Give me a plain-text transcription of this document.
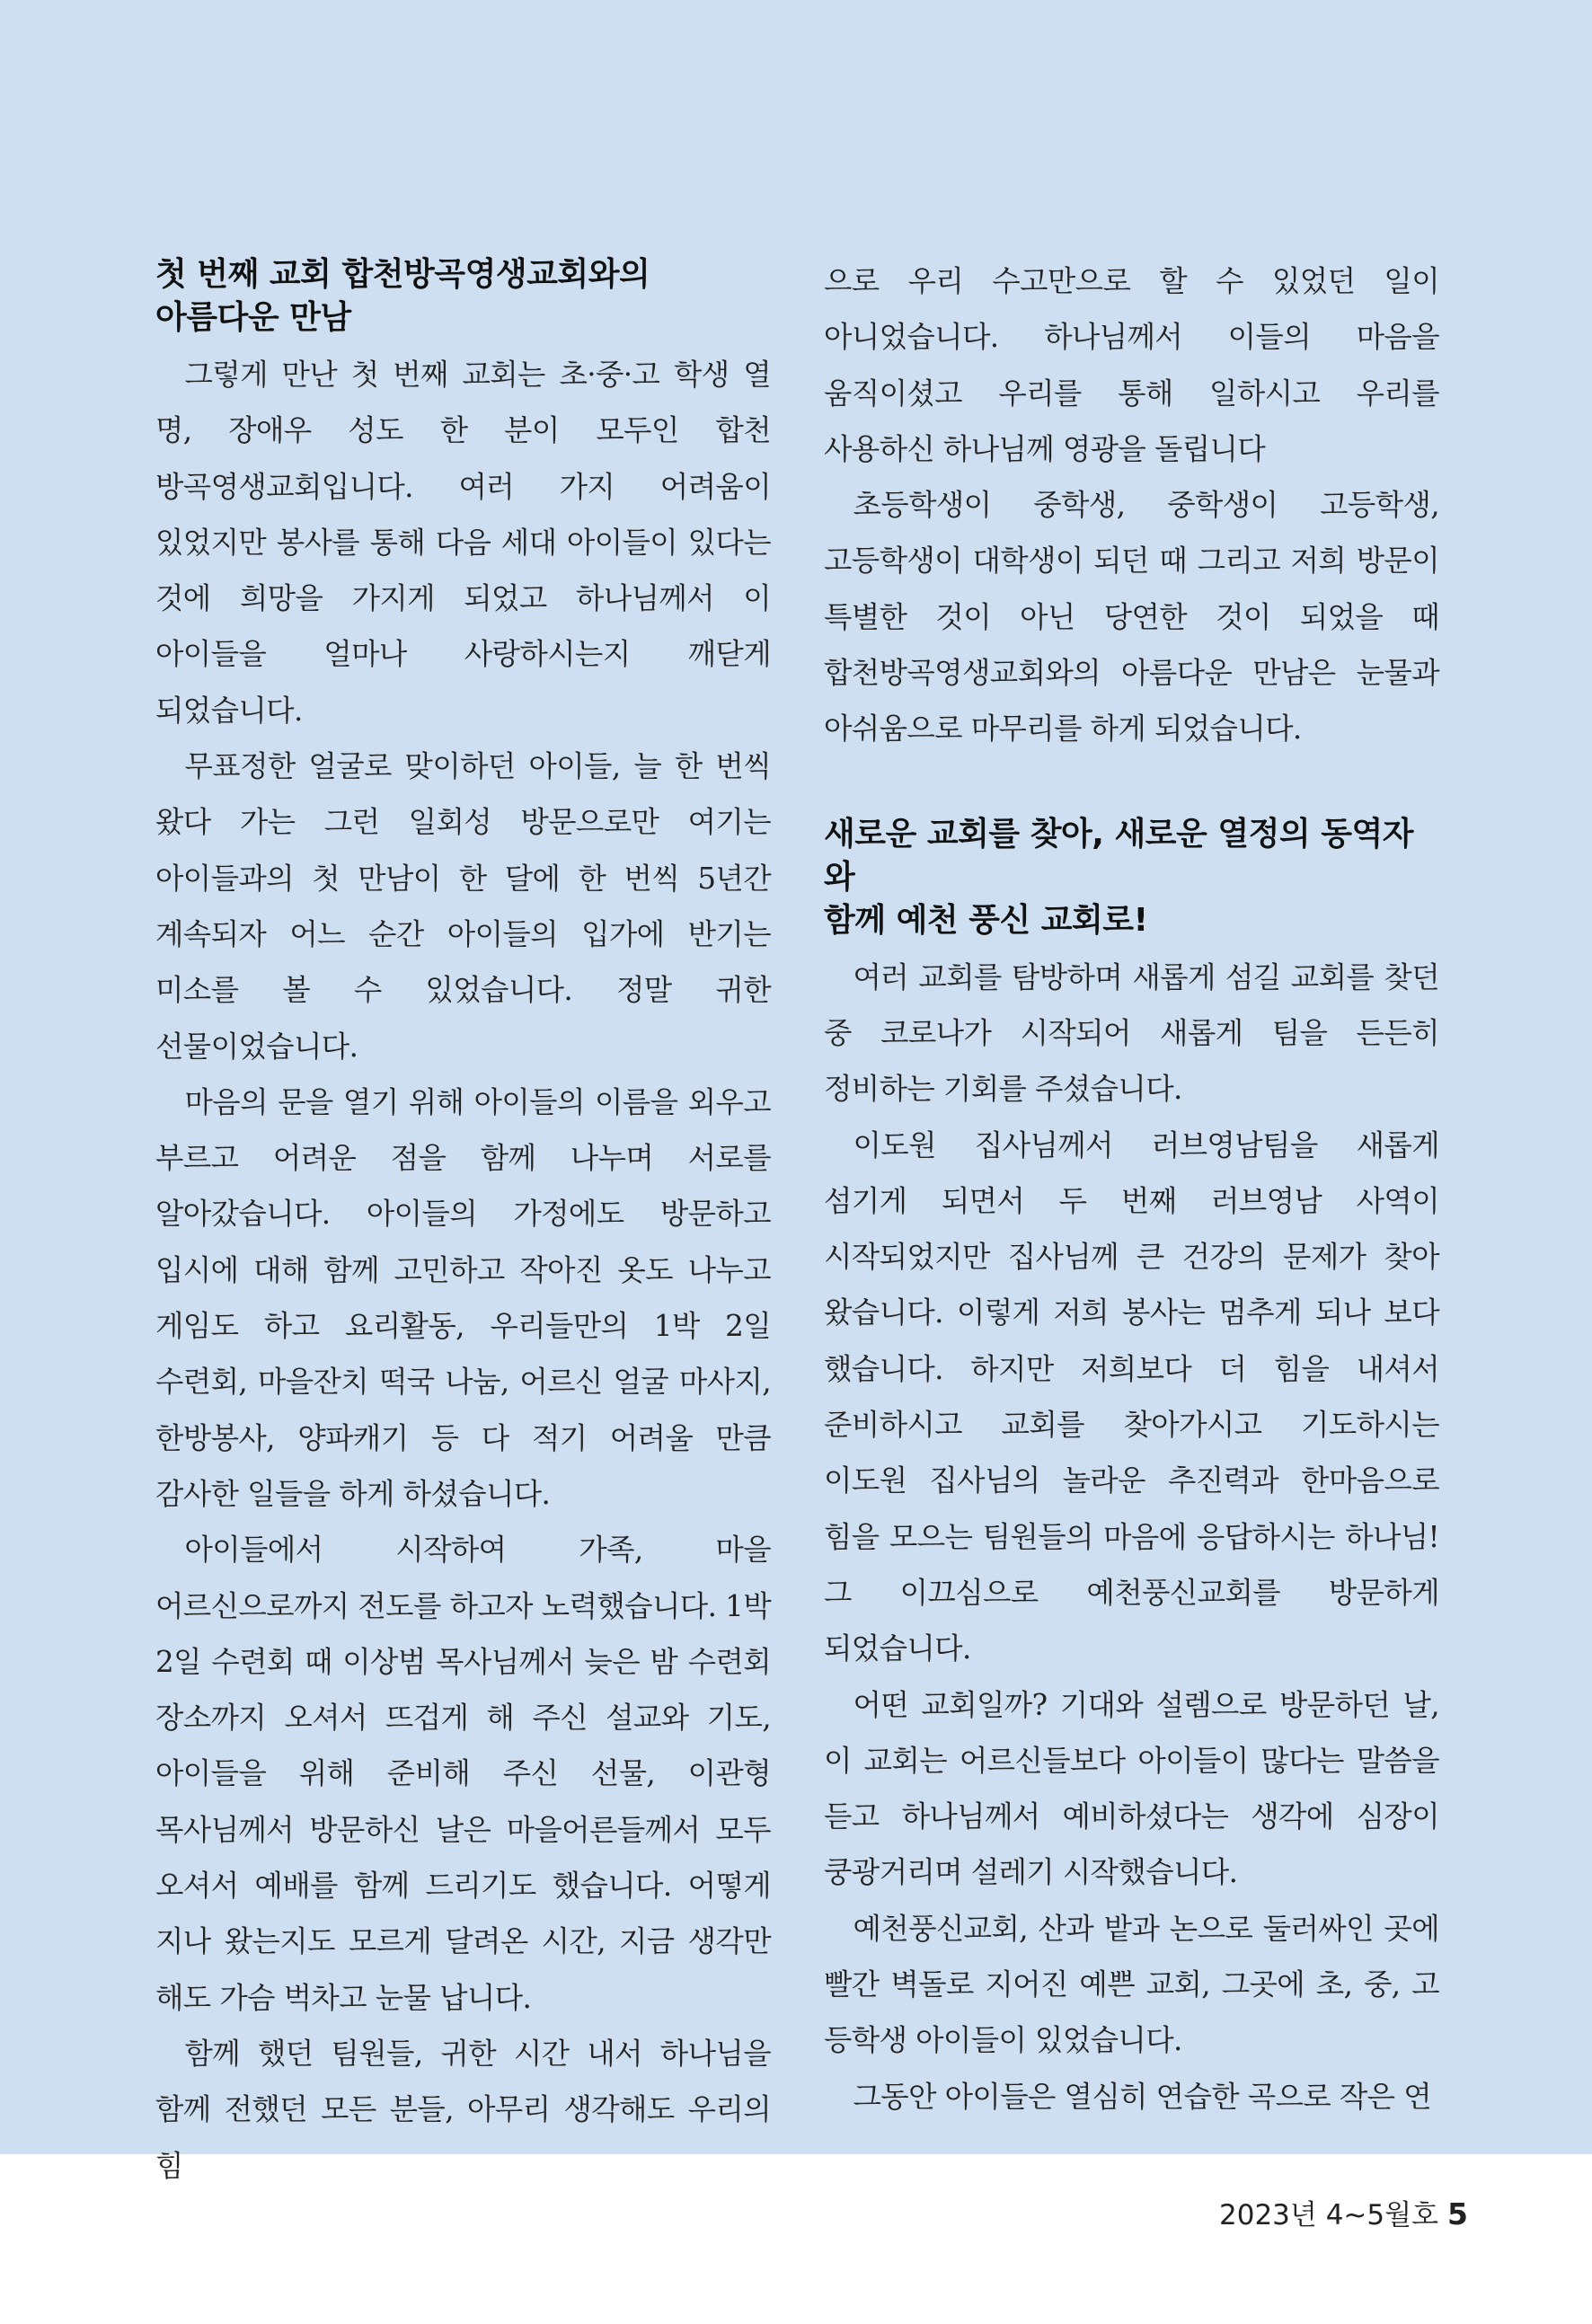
첫 번째 교회 합천방곡영생교회와의
아름다운 만남

그렇게 만난 첫 번째 교회는 초·중·고 학생 열 명, 장애우 성도 한 분이 모두인 합천 방곡영생교회입니다. 여러 가지 어려움이 있었지만 봉사를 통해 다음 세대 아이들이 있다는 것에 희망을 가지게 되었고 하나님께서 이 아이들을 얼마나 사랑하시는지 깨닫게 되었습니다.

무표정한 얼굴로 맞이하던 아이들, 늘 한 번씩 왔다 가는 그런 일회성 방문으로만 여기는 아이들과의 첫 만남이 한 달에 한 번씩 5년간 계속되자 어느 순간 아이들의 입가에 반기는 미소를 볼 수 있었습니다. 정말 귀한 선물이었습니다.

마음의 문을 열기 위해 아이들의 이름을 외우고 부르고 어려운 점을 함께 나누며 서로를 알아갔습니다. 아이들의 가정에도 방문하고 입시에 대해 함께 고민하고 작아진 옷도 나누고 게임도 하고 요리활동, 우리들만의 1박 2일 수련회, 마을잔치 떡국 나눔, 어르신 얼굴 마사지, 한방봉사, 양파캐기 등 다 적기 어려울 만큼 감사한 일들을 하게 하셨습니다.

아이들에서 시작하여 가족, 마을 어르신으로까지 전도를 하고자 노력했습니다. 1박 2일 수련회 때 이상범 목사님께서 늦은 밤 수련회 장소까지 오셔서 뜨겁게 해 주신 설교와 기도, 아이들을 위해 준비해 주신 선물, 이관형 목사님께서 방문하신 날은 마을어른들께서 모두 오셔서 예배를 함께 드리기도 했습니다. 어떻게 지나 왔는지도 모르게 달려온 시간, 지금 생각만 해도 가슴 벅차고 눈물 납니다.

함께 했던 팀원들, 귀한 시간 내서 하나님을 함께 전했던 모든 분들, 아무리 생각해도 우리의 힘

으로 우리 수고만으로 할 수 있었던 일이 아니었습니다. 하나님께서 이들의 마음을 움직이셨고 우리를 통해 일하시고 우리를 사용하신 하나님께 영광을 돌립니다

초등학생이 중학생, 중학생이 고등학생, 고등학생이 대학생이 되던 때 그리고 저희 방문이 특별한 것이 아닌 당연한 것이 되었을 때 합천방곡영생교회와의 아름다운 만남은 눈물과 아쉬움으로 마무리를 하게 되었습니다.

새로운 교회를 찾아, 새로운 열정의 동역자와
함께 예천 풍신 교회로!

여러 교회를 탐방하며 새롭게 섬길 교회를 찾던 중 코로나가 시작되어 새롭게 팀을 든든히 정비하는 기회를 주셨습니다.

이도원 집사님께서 러브영남팀을 새롭게 섬기게 되면서 두 번째 러브영남 사역이 시작되었지만 집사님께 큰 건강의 문제가 찾아 왔습니다. 이렇게 저희 봉사는 멈추게 되나 보다 했습니다. 하지만 저희보다 더 힘을 내셔서 준비하시고 교회를 찾아가시고 기도하시는 이도원 집사님의 놀라운 추진력과 한마음으로 힘을 모으는 팀원들의 마음에 응답하시는 하나님! 그 이끄심으로 예천풍신교회를 방문하게 되었습니다.

어떤 교회일까? 기대와 설렘으로 방문하던 날, 이 교회는 어르신들보다 아이들이 많다는 말씀을 듣고 하나님께서 예비하셨다는 생각에 심장이 쿵광거리며 설레기 시작했습니다.

예천풍신교회, 산과 밭과 논으로 둘러싸인 곳에 빨간 벽돌로 지어진 예쁜 교회, 그곳에 초, 중, 고 등학생 아이들이 있었습니다.

그동안 아이들은 열심히 연습한 곡으로 작은 연

2023년 4~5월호 5
